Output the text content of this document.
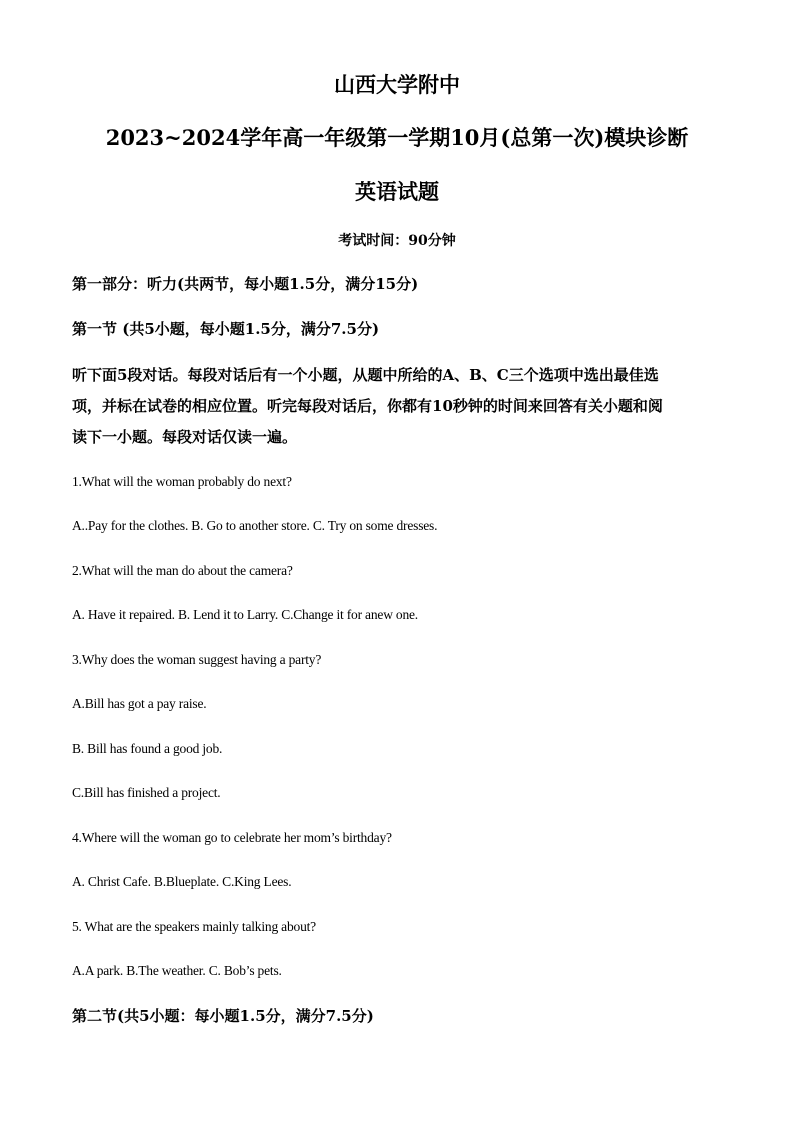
山西大学附中
2023~2024学年高一年级第一学期10月(总第一次)模块诊断
英语试题
考试时间：90分钟
第一部分：听力(共两节，每小题1.5分，满分15分)
第一节 (共5小题，每小题1.5分，满分7.5分)
听下面5段对话。每段对话后有一个小题，从题中所给的A、B、C三个选项中选出最佳选
项，并标在试卷的相应位置。听完每段对话后，你都有10秒钟的时间来回答有关小题和阅
读下一小题。每段对话仅读一遍。
1.What will the woman probably do next?
A..Pay for the clothes. B. Go to another store. C. Try on some dresses.
2.What will the man do about the camera?
A. Have it repaired. B. Lend it to Larry. C.Change it for anew one.
3.Why does the woman suggest having a party?
A.Bill has got a pay raise.
B. Bill has found a good job.
C.Bill has finished a project.
4.Where will the woman go to celebrate her mom’s birthday?
A. Christ Cafe. B.Blueplate. C.King Lees.
5. What are the speakers mainly talking about?
A.A park. B.The weather. C. Bob’s pets.
第二节(共5小题：每小题1.5分，满分7.5分)
